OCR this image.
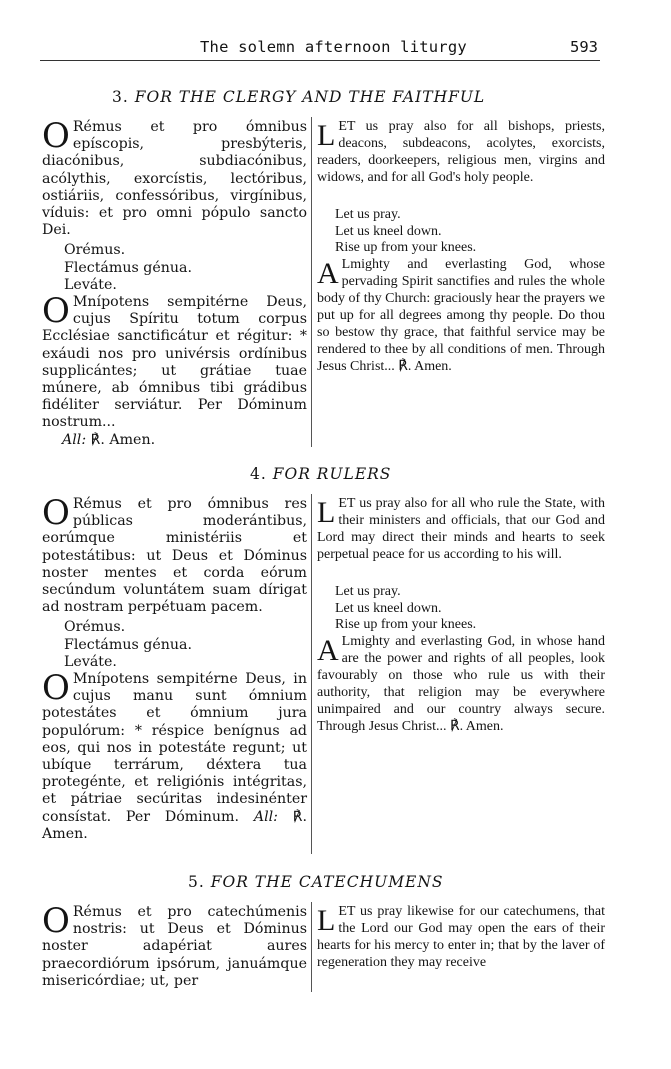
The solemn afternoon liturgy	593
3. FOR THE CLERGY AND THE FAITHFUL

O Rémus et pro ómnibus epíscopis, presbýteris, diacónibus, subdiacónibus, acólythis, exorcístis, lectóribus, ostiáriis, confessóribus, virgínibus, víduis: et pro omni pópulo sancto Dei.

Orémus.

Flectámus génua.

Leváte.

O Mnípotens sempitérne Deus, cujus Spíritu totum corpus Ecclésiae sanctificátur et régitur: * exáudi nos pro univérsis ordínibus supplicántes; ut grátiae tuae múnere, ab ómnibus tibi grádibus fidéliter serviátur. Per Dóminum nostrum...

All: ℟. Amen.

LET us pray also for all bishops, priests, deacons, subdeacons, acolytes, exorcists, readers, doorkeepers, religious men, virgins and widows, and for all God's holy people.

Let us pray.

Let us kneel down.

Rise up from your knees.

A Lmighty and everlasting God, whose pervading Spirit sanctifies and rules the whole body of thy Church: graciously hear the prayers we put up for all degrees among thy people. Do thou so bestow thy grace, that faithful service may be rendered to thee by all conditions of men. Through Jesus Christ... ℟. Amen.

4. FOR RULERS

O Rémus et pro ómnibus res públicas moderántibus, eorúmque ministériis et potestátibus: ut Deus et Dóminus noster mentes et corda eórum secúndum voluntátem suam dírigat ad nostram perpétuam pacem.

Orémus.

Flectámus génua.

Leváte.

O Mnípotens sempitérne Deus, in cujus manu sunt ómnium potestátes et ómnium jura populórum: * réspice benígnus ad eos, qui nos in potestáte regunt; ut ubíque terrárum, déxtera tua protegénte, et religiónis intégritas, et pátriae secúritas indesinénter consístat. Per Dóminum. All: ℟. Amen.

LET us pray also for all who rule the State, with their ministers and officials, that our God and Lord may direct their minds and hearts to seek perpetual peace for us according to his will.

Let us pray.

Let us kneel down.

Rise up from your knees.

A Lmighty and everlasting God, in whose hand are the power and rights of all peoples, look favourably on those who rule us with their authority, that religion may be everywhere unimpaired and our country always secure. Through Jesus Christ... ℟. Amen.

5. FOR THE CATECHUMENS

O Rémus et pro catechúmenis nostris: ut Deus et Dóminus noster adapériat aures praecordiórum ipsórum, januámque misericórdiae; ut, per

LET us pray likewise for our catechumens, that the Lord our God may open the ears of their hearts for his mercy to enter in; that by the laver of regeneration they may receive
